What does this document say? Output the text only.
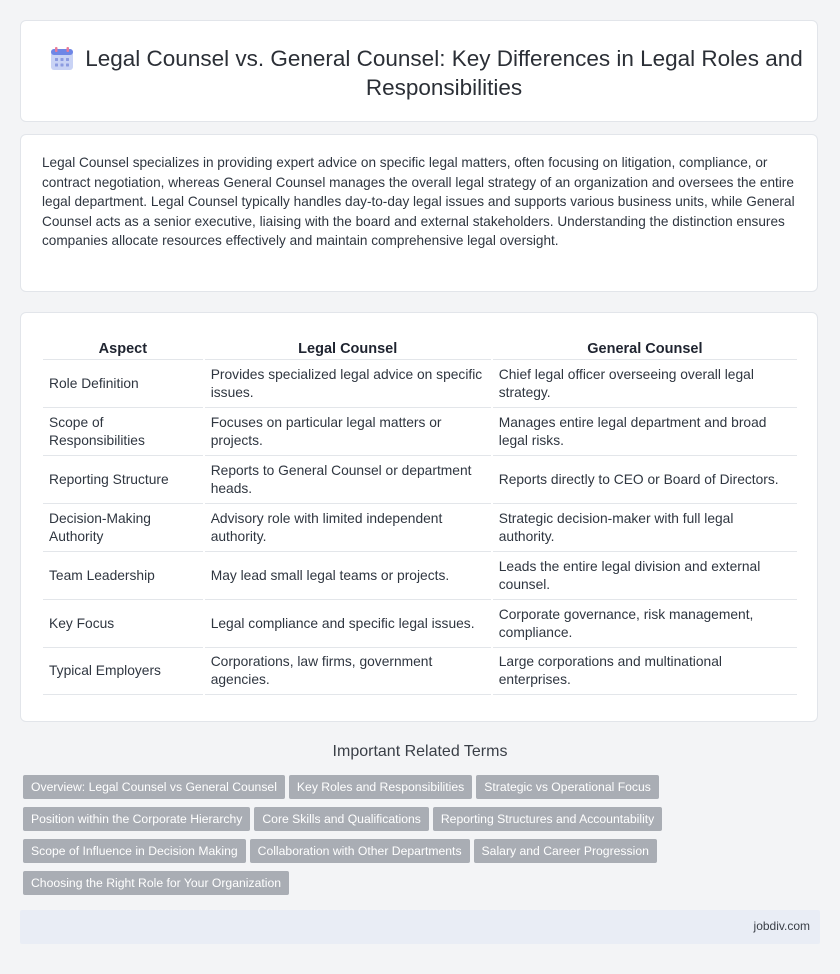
Legal Counsel vs. General Counsel: Key Differences in Legal Roles and Responsibilities

Legal Counsel specializes in providing expert advice on specific legal matters, often focusing on litigation, compliance, or contract negotiation, whereas General Counsel manages the overall legal strategy of an organization and oversees the entire legal department. Legal Counsel typically handles day-to-day legal issues and supports various business units, while General Counsel acts as a senior executive, liaising with the board and external stakeholders. Understanding the distinction ensures companies allocate resources effectively and maintain comprehensive legal oversight.

Aspect	Legal Counsel	General Counsel
Role Definition	Provides specialized legal advice on specific issues.	Chief legal officer overseeing overall legal strategy.
Scope of Responsibilities	Focuses on particular legal matters or projects.	Manages entire legal department and broad legal risks.
Reporting Structure	Reports to General Counsel or department heads.	Reports directly to CEO or Board of Directors.
Decision-Making Authority	Advisory role with limited independent authority.	Strategic decision-maker with full legal authority.
Team Leadership	May lead small legal teams or projects.	Leads the entire legal division and external counsel.
Key Focus	Legal compliance and specific legal issues.	Corporate governance, risk management, compliance.
Typical Employers	Corporations, law firms, government agencies.	Large corporations and multinational enterprises.
Important Related Terms
Overview: Legal Counsel vs General Counsel Key Roles and Responsibilities Strategic vs Operational Focus
Position within the Corporate Hierarchy Core Skills and Qualifications Reporting Structures and Accountability
Scope of Influence in Decision Making Collaboration with Other Departments Salary and Career Progression
Choosing the Right Role for Your Organization
jobdiv.com
